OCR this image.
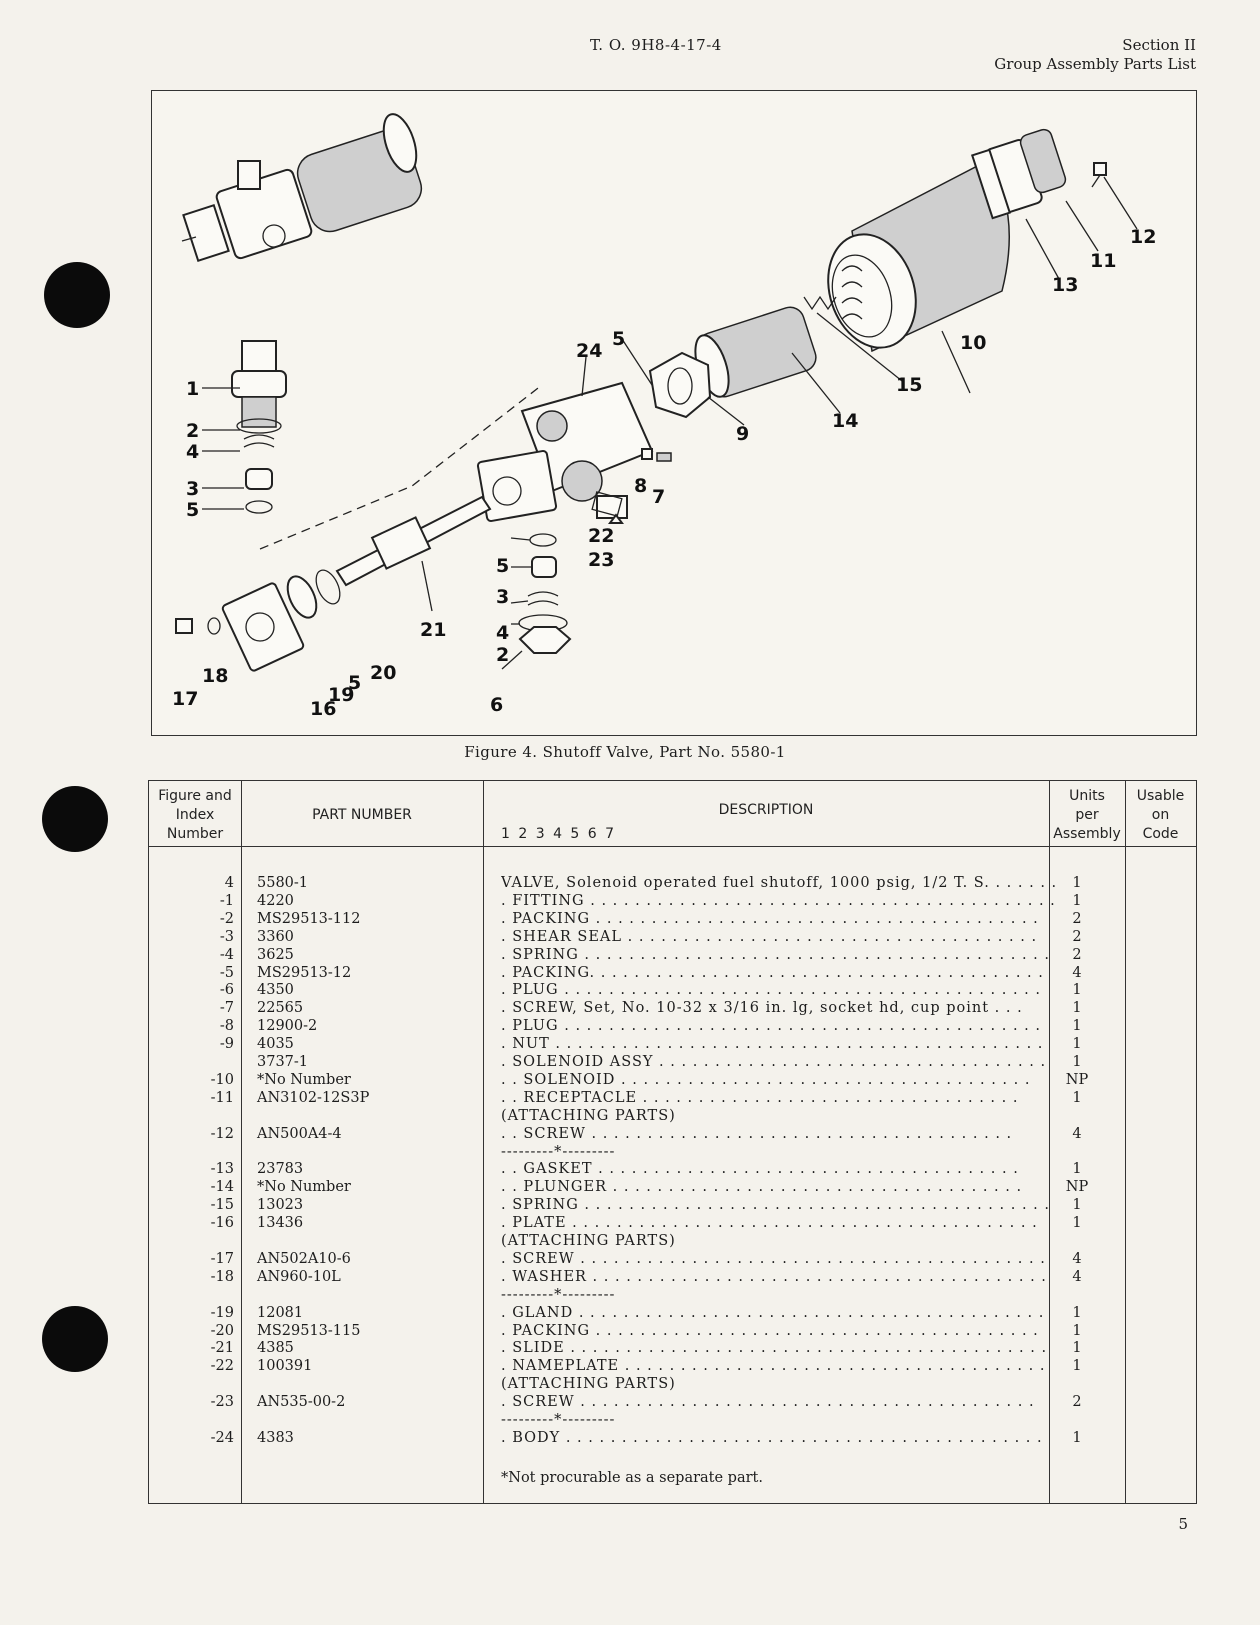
T. O. 9H8-4-17-4	Section II
Group Assembly Parts List
12
11
13
10
15
14
9
5
24
1
2
4
3
5
8 7
22
23
5
3
4
2
6
21
20
5
19
16
18
17
Figure 4. Shutoff Valve, Part No. 5580-1
Figure and
Index
Number
PART NUMBER	DESCRIPTION
1 2 3 4 5 6 7
Units
per
Assembly
Usable
on
Code
4 5580-1	VALVE, Solenoid operated fuel shutoff, 1000 psig, 1/2 T. S. . . . . . .	1
-1 4220	. FITTING . . . . . . . . . . . . . . . . . . . . . . . . . . . . . . . . . . . . . . . . . .	1
-2 MS29513-112	. PACKING . . . . . . . . . . . . . . . . . . . . . . . . . . . . . . . . . . . . . . . .	2
-3 3360	. SHEAR SEAL . . . . . . . . . . . . . . . . . . . . . . . . . . . . . . . . . . . . .	2
-4 3625	. SPRING . . . . . . . . . . . . . . . . . . . . . . . . . . . . . . . . . . . . . . . . . .	2
-5 MS29513-12	. PACKING. . . . . . . . . . . . . . . . . . . . . . . . . . . . . . . . . . . . . . . . .	4
-6 4350	. PLUG . . . . . . . . . . . . . . . . . . . . . . . . . . . . . . . . . . . . . . . . . . .	1
-7 22565	. SCREW, Set, No. 10-32 x 3/16 in. lg, socket hd, cup point . . .	1
-8 12900-2	. PLUG . . . . . . . . . . . . . . . . . . . . . . . . . . . . . . . . . . . . . . . . . . .	1
-9 4035	. NUT . . . . . . . . . . . . . . . . . . . . . . . . . . . . . . . . . . . . . . . . . . . .	1
3737-1	. SOLENOID ASSY . . . . . . . . . . . . . . . . . . . . . . . . . . . . . . . . . . .	1
-10 *No Number	. . SOLENOID . . . . . . . . . . . . . . . . . . . . . . . . . . . . . . . . . . . . .	NP
-11 AN3102-12S3P	. . RECEPTACLE . . . . . . . . . . . . . . . . . . . . . . . . . . . . . . . . . .	1
(ATTACHING PARTS)
-12 AN500A4-4	. . SCREW . . . . . . . . . . . . . . . . . . . . . . . . . . . . . . . . . . . . . .	4
---------*---------
-13 23783	. . GASKET . . . . . . . . . . . . . . . . . . . . . . . . . . . . . . . . . . . . . .	1
-14 *No Number	. . PLUNGER . . . . . . . . . . . . . . . . . . . . . . . . . . . . . . . . . . . . .	NP
-15 13023	. SPRING . . . . . . . . . . . . . . . . . . . . . . . . . . . . . . . . . . . . . . . . . .	1
-16 13436	. PLATE . . . . . . . . . . . . . . . . . . . . . . . . . . . . . . . . . . . . . . . . . .	1
(ATTACHING PARTS)
-17 AN502A10-6	. SCREW . . . . . . . . . . . . . . . . . . . . . . . . . . . . . . . . . . . . . . . . . .	4
-18 AN960-10L	. WASHER . . . . . . . . . . . . . . . . . . . . . . . . . . . . . . . . . . . . . . . . .	4
---------*---------
-19 12081	. GLAND . . . . . . . . . . . . . . . . . . . . . . . . . . . . . . . . . . . . . . . . . .	1
-20 MS29513-115	. PACKING . . . . . . . . . . . . . . . . . . . . . . . . . . . . . . . . . . . . . . . .	1
-21 4385	. SLIDE . . . . . . . . . . . . . . . . . . . . . . . . . . . . . . . . . . . . . . . . . . .	1
-22 100391	. NAMEPLATE . . . . . . . . . . . . . . . . . . . . . . . . . . . . . . . . . . . . . .	1
(ATTACHING PARTS)
-23 AN535-00-2	. SCREW . . . . . . . . . . . . . . . . . . . . . . . . . . . . . . . . . . . . . . . . .	2
---------*---------
-24 4383	. BODY . . . . . . . . . . . . . . . . . . . . . . . . . . . . . . . . . . . . . . . . . . .	1
*Not procurable as a separate part.
5
